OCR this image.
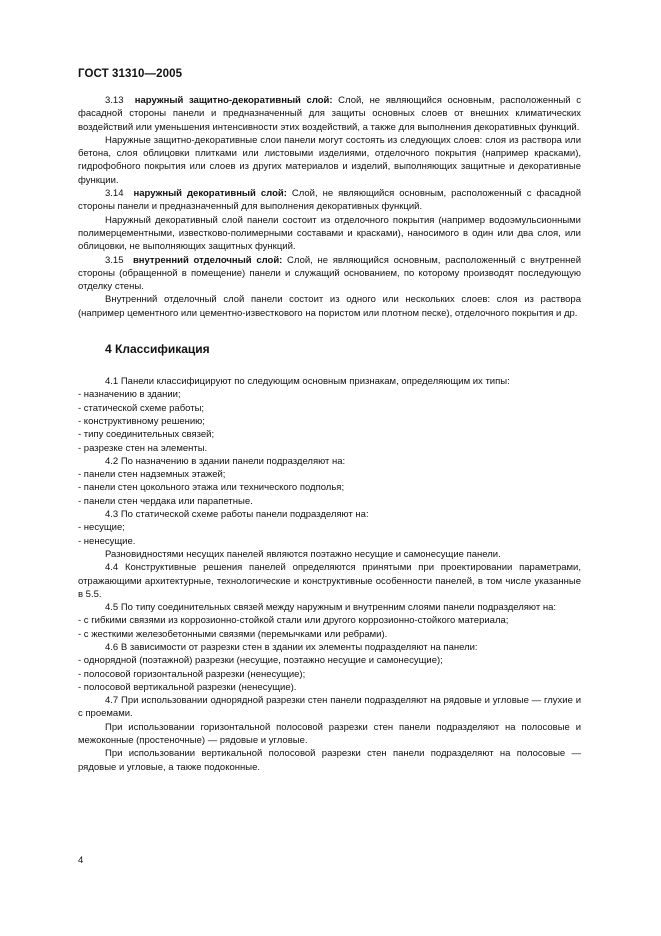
ГОСТ 31310—2005

3.13 наружный защитно-декоративный слой: Слой, не являющийся основным, расположенный с фасадной стороны панели и предназначенный для защиты основных слоев от внешних климатических воздействий или уменьшения интенсивности этих воздействий, а также для выполнения декоративных функций.

Наружные защитно-декоративные слои панели могут состоять из следующих слоев: слоя из раствора или бетона, слоя облицовки плитками или листовыми изделиями, отделочного покрытия (например красками), гидрофобного покрытия или слоев из других материалов и изделий, выполняющих защитные и декоративные функции.

3.14 наружный декоративный слой: Слой, не являющийся основным, расположенный с фасадной стороны панели и предназначенный для выполнения декоративных функций.

Наружный декоративный слой панели состоит из отделочного покрытия (например водоэмульсионными полимерцементными, известково-полимерными составами и красками), наносимого в один или два слоя, или облицовки, не выполняющих защитных функций.

3.15 внутренний отделочный слой: Слой, не являющийся основным, расположенный с внутренней стороны (обращенной в помещение) панели и служащий основанием, по которому производят последующую отделку стены.

Внутренний отделочный слой панели состоит из одного или нескольких слоев: слоя из раствора (например цементного или цементно-известкового на пористом или плотном песке), отделочного покрытия и др.

4 Классификация

4.1 Панели классифицируют по следующим основным признакам, определяющим их типы:

- назначению в здании;

- статической схеме работы;

- конструктивному решению;

- типу соединительных связей;

- разрезке стен на элементы.

4.2 По назначению в здании панели подразделяют на:

- панели стен надземных этажей;

- панели стен цокольного этажа или технического подполья;

- панели стен чердака или парапетные.

4.3 По статической схеме работы панели подразделяют на:

- несущие;

- ненесущие.

Разновидностями несущих панелей являются поэтажно несущие и самонесущие панели.

4.4 Конструктивные решения панелей определяются принятыми при проектировании параметрами, отражающими архитектурные, технологические и конструктивные особенности панелей, в том числе указанные в 5.5.

4.5 По типу соединительных связей между наружным и внутренним слоями панели подразделяют на:

- с гибкими связями из коррозионно-стойкой стали или другого коррозионно-стойкого материала;

- с жесткими железобетонными связями (перемычками или ребрами).

4.6 В зависимости от разрезки стен в здании их элементы подразделяют на панели:

- однорядной (поэтажной) разрезки (несущие, поэтажно несущие и самонесущие);

- полосовой горизонтальной разрезки (ненесущие);

- полосовой вертикальной разрезки (ненесущие).

4.7 При использовании однорядной разрезки стен панели подразделяют на рядовые и угловые — глухие и с проемами.

При использовании горизонтальной полосовой разрезки стен панели подразделяют на полосовые и межоконные (простеночные) — рядовые и угловые.

При использовании вертикальной полосовой разрезки стен панели подразделяют на полосовые — рядовые и угловые, а также подоконные.

4
